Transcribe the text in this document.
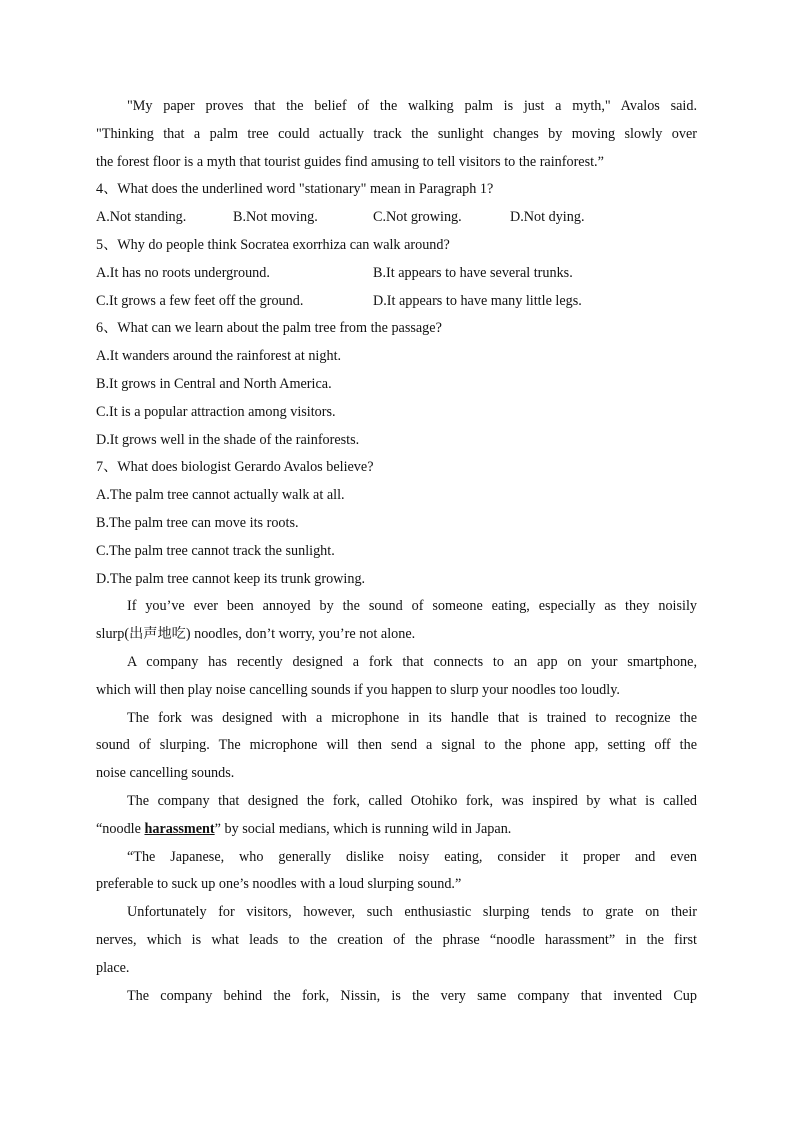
"My paper proves that the belief of the walking palm is just a myth," Avalos said.
"Thinking that a palm tree could actually track the sunlight changes by moving slowly over
the forest floor is a myth that tourist guides find amusing to tell visitors to the rainforest.”
4、What does the underlined word "stationary" mean in Paragraph 1?
A.Not standing.	B.Not moving.	C.Not growing.	D.Not dying.
5、Why do people think Socratea exorrhiza can walk around?
A.It has no roots underground.	B.It appears to have several trunks.
C.It grows a few feet off the ground.	D.It appears to have many little legs.
6、What can we learn about the palm tree from the passage?
A.It wanders around the rainforest at night.
B.It grows in Central and North America.
C.It is a popular attraction among visitors.
D.It grows well in the shade of the rainforests.
7、What does biologist Gerardo Avalos believe?
A.The palm tree cannot actually walk at all.
B.The palm tree can move its roots.
C.The palm tree cannot track the sunlight.
D.The palm tree cannot keep its trunk growing.
If you’ve ever been annoyed by the sound of someone eating, especially as they noisily
slurp(出声地吃) noodles, don’t worry, you’re not alone.
A company has recently designed a fork that connects to an app on your smartphone,
which will then play noise cancelling sounds if you happen to slurp your noodles too loudly.
The fork was designed with a microphone in its handle that is trained to recognize the
sound of slurping. The microphone will then send a signal to the phone app, setting off the
noise cancelling sounds.
The company that designed the fork, called Otohiko fork, was inspired by what is called
“noodle harassment” by social medians, which is running wild in Japan.
“The Japanese, who generally dislike noisy eating, consider it proper and even
preferable to suck up one’s noodles with a loud slurping sound.”
Unfortunately for visitors, however, such enthusiastic slurping tends to grate on their
nerves, which is what leads to the creation of the phrase “noodle harassment” in the first
place.
The company behind the fork, Nissin, is the very same company that invented Cup
